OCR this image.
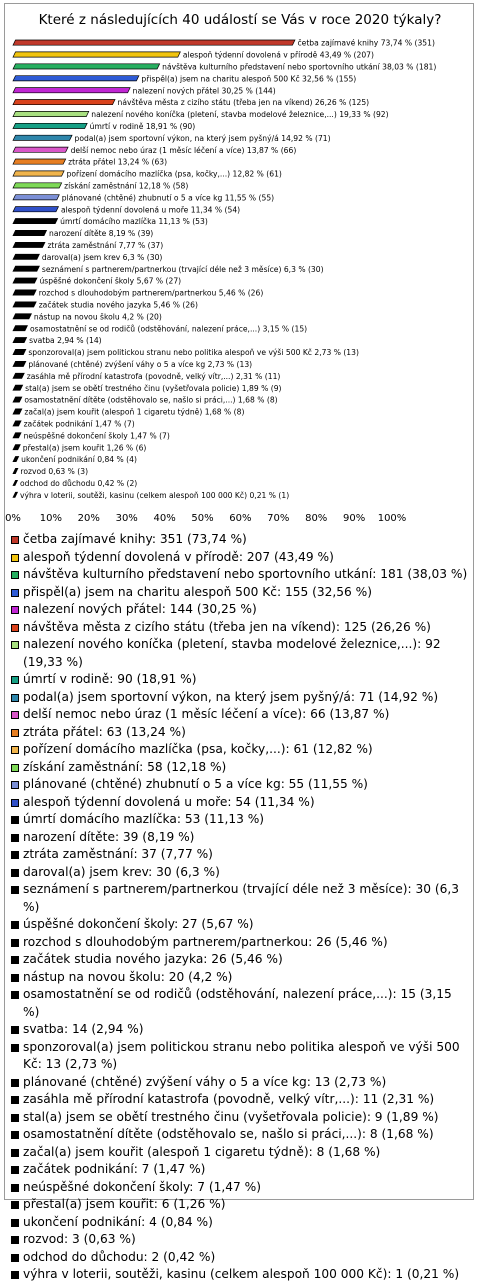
Které z následujících 40 událostí se Vás v roce 2020 týkaly?
četba zajímavé knihy 73,74 % (351)
alespoň týdenní dovolená v přírodě 43,49 % (207)
návštěva kulturního představení nebo sportovního utkání 38,03 % (181)
přispěl(a) jsem na charitu alespoň 500 Kč 32,56 % (155)
nalezení nových přátel 30,25 % (144)
návštěva města z cizího státu (třeba jen na víkend) 26,26 % (125)
nalezení nového koníčka (pletení, stavba modelové železnice,...) 19,33 % (92)
úmrtí v rodině 18,91 % (90)
podal(a) jsem sportovní výkon, na který jsem pyšný/á 14,92 % (71)
delší nemoc nebo úraz (1 měsíc léčení a více) 13,87 % (66)
ztráta přátel 13,24 % (63)
pořízení domácího mazlíčka (psa, kočky,...) 12,82 % (61)
získání zaměstnání 12,18 % (58)
plánované (chtěné) zhubnutí o 5 a více kg 11,55 % (55)
alespoň týdenní dovolená u moře 11,34 % (54)
úmrtí domácího mazlíčka 11,13 % (53)
narození dítěte 8,19 % (39)
ztráta zaměstnání 7,77 % (37)
daroval(a) jsem krev 6,3 % (30)
seznámení s partnerem/partnerkou (trvající déle než 3 měsíce) 6,3 % (30)
úspěšné dokončení školy 5,67 % (27)
rozchod s dlouhodobým partnerem/partnerkou 5,46 % (26)
začátek studia nového jazyka 5,46 % (26)
nástup na novou školu 4,2 % (20)
osamostatnění se od rodičů (odstěhování, nalezení práce,...) 3,15 % (15)
svatba 2,94 % (14)
sponzoroval(a) jsem politickou stranu nebo politika alespoň ve výši 500 Kč 2,73 % (13)
plánované (chtěné) zvýšení váhy o 5 a více kg 2,73 % (13)
zasáhla mě přírodní katastrofa (povodně, velký vítr,...) 2,31 % (11)
stal(a) jsem se obětí trestného činu (vyšetřovala policie) 1,89 % (9)
osamostatnění dítěte (odstěhovalo se, našlo si práci,...) 1,68 % (8)
začal(a) jsem kouřit (alespoň 1 cigaretu týdně) 1,68 % (8)
začátek podnikání 1,47 % (7)
neúspěšné dokončení školy 1,47 % (7)
přestal(a) jsem kouřit 1,26 % (6)
ukončení podnikání 0,84 % (4)
rozvod 0,63 % (3)
odchod do důchodu 0,42 % (2)
výhra v loterii, soutěži, kasinu (celkem alespoň 100 000 Kč) 0,21 % (1)
0% 10% 20% 30% 40% 50% 60% 70% 80% 90% 100%
četba zajímavé knihy: 351 (73,74 %)
alespoň týdenní dovolená v přírodě: 207 (43,49 %)
návštěva kulturního představení nebo sportovního utkání: 181 (38,03 %)
přispěl(a) jsem na charitu alespoň 500 Kč: 155 (32,56 %)
nalezení nových přátel: 144 (30,25 %)
návštěva města z cizího státu (třeba jen na víkend): 125 (26,26 %)
nalezení nového koníčka (pletení, stavba modelové železnice,...): 92 (19,33 %)
úmrtí v rodině: 90 (18,91 %)
podal(a) jsem sportovní výkon, na který jsem pyšný/á: 71 (14,92 %)
delší nemoc nebo úraz (1 měsíc léčení a více): 66 (13,87 %)
ztráta přátel: 63 (13,24 %)
pořízení domácího mazlíčka (psa, kočky,...): 61 (12,82 %)
získání zaměstnání: 58 (12,18 %)
plánované (chtěné) zhubnutí o 5 a více kg: 55 (11,55 %)
alespoň týdenní dovolená u moře: 54 (11,34 %)
úmrtí domácího mazlíčka: 53 (11,13 %)
narození dítěte: 39 (8,19 %)
ztráta zaměstnání: 37 (7,77 %)
daroval(a) jsem krev: 30 (6,3 %)
seznámení s partnerem/partnerkou (trvající déle než 3 měsíce): 30 (6,3 %)
úspěšné dokončení školy: 27 (5,67 %)
rozchod s dlouhodobým partnerem/partnerkou: 26 (5,46 %)
začátek studia nového jazyka: 26 (5,46 %)
nástup na novou školu: 20 (4,2 %)
osamostatnění se od rodičů (odstěhování, nalezení práce,...): 15 (3,15 %)
svatba: 14 (2,94 %)
sponzoroval(a) jsem politickou stranu nebo politika alespoň ve výši 500 Kč: 13 (2,73 %)
plánované (chtěné) zvýšení váhy o 5 a více kg: 13 (2,73 %)
zasáhla mě přírodní katastrofa (povodně, velký vítr,...): 11 (2,31 %)
stal(a) jsem se obětí trestného činu (vyšetřovala policie): 9 (1,89 %)
osamostatnění dítěte (odstěhovalo se, našlo si práci,...): 8 (1,68 %)
začal(a) jsem kouřit (alespoň 1 cigaretu týdně): 8 (1,68 %)
začátek podnikání: 7 (1,47 %)
neúspěšné dokončení školy: 7 (1,47 %)
přestal(a) jsem kouřit: 6 (1,26 %)
ukončení podnikání: 4 (0,84 %)
rozvod: 3 (0,63 %)
odchod do důchodu: 2 (0,42 %)
výhra v loterii, soutěži, kasinu (celkem alespoň 100 000 Kč): 1 (0,21 %)
